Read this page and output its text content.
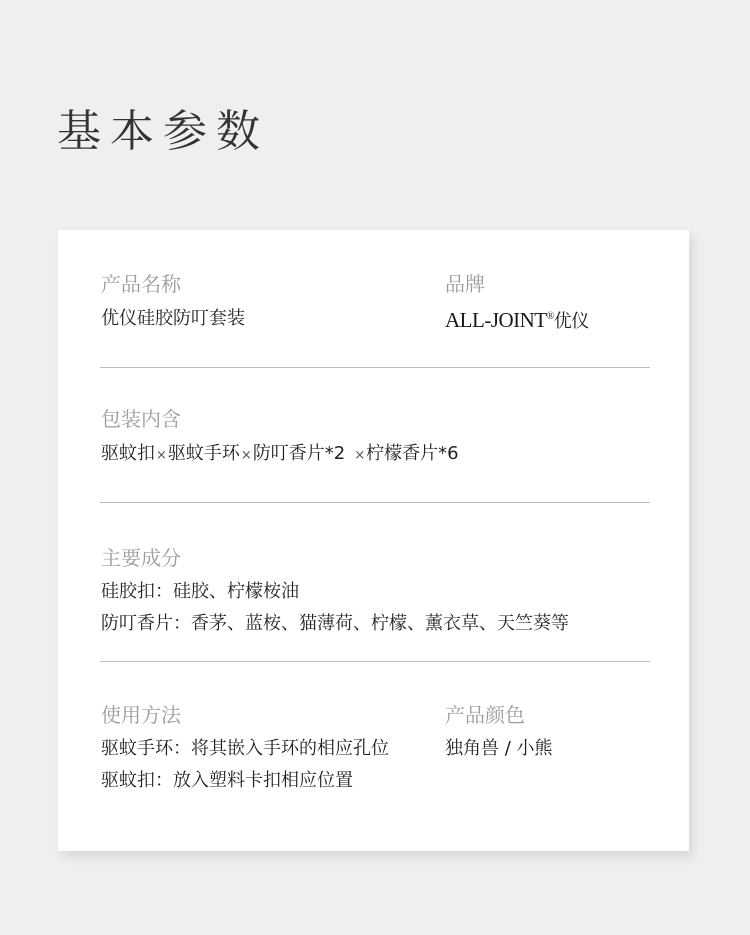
基本参数
产品名称
优仪硅胶防叮套装
品牌
ALL-JOINT®优仪
包装内含
驱蚊扣×驱蚊手环×防叮香片*2 ×柠檬香片*6
主要成分
硅胶扣：硅胶、柠檬桉油
防叮香片：香茅、蓝桉、猫薄荷、柠檬、薰衣草、天竺葵等
使用方法
驱蚊手环：将其嵌入手环的相应孔位
驱蚊扣：放入塑料卡扣相应位置
产品颜色
独角兽 / 小熊
